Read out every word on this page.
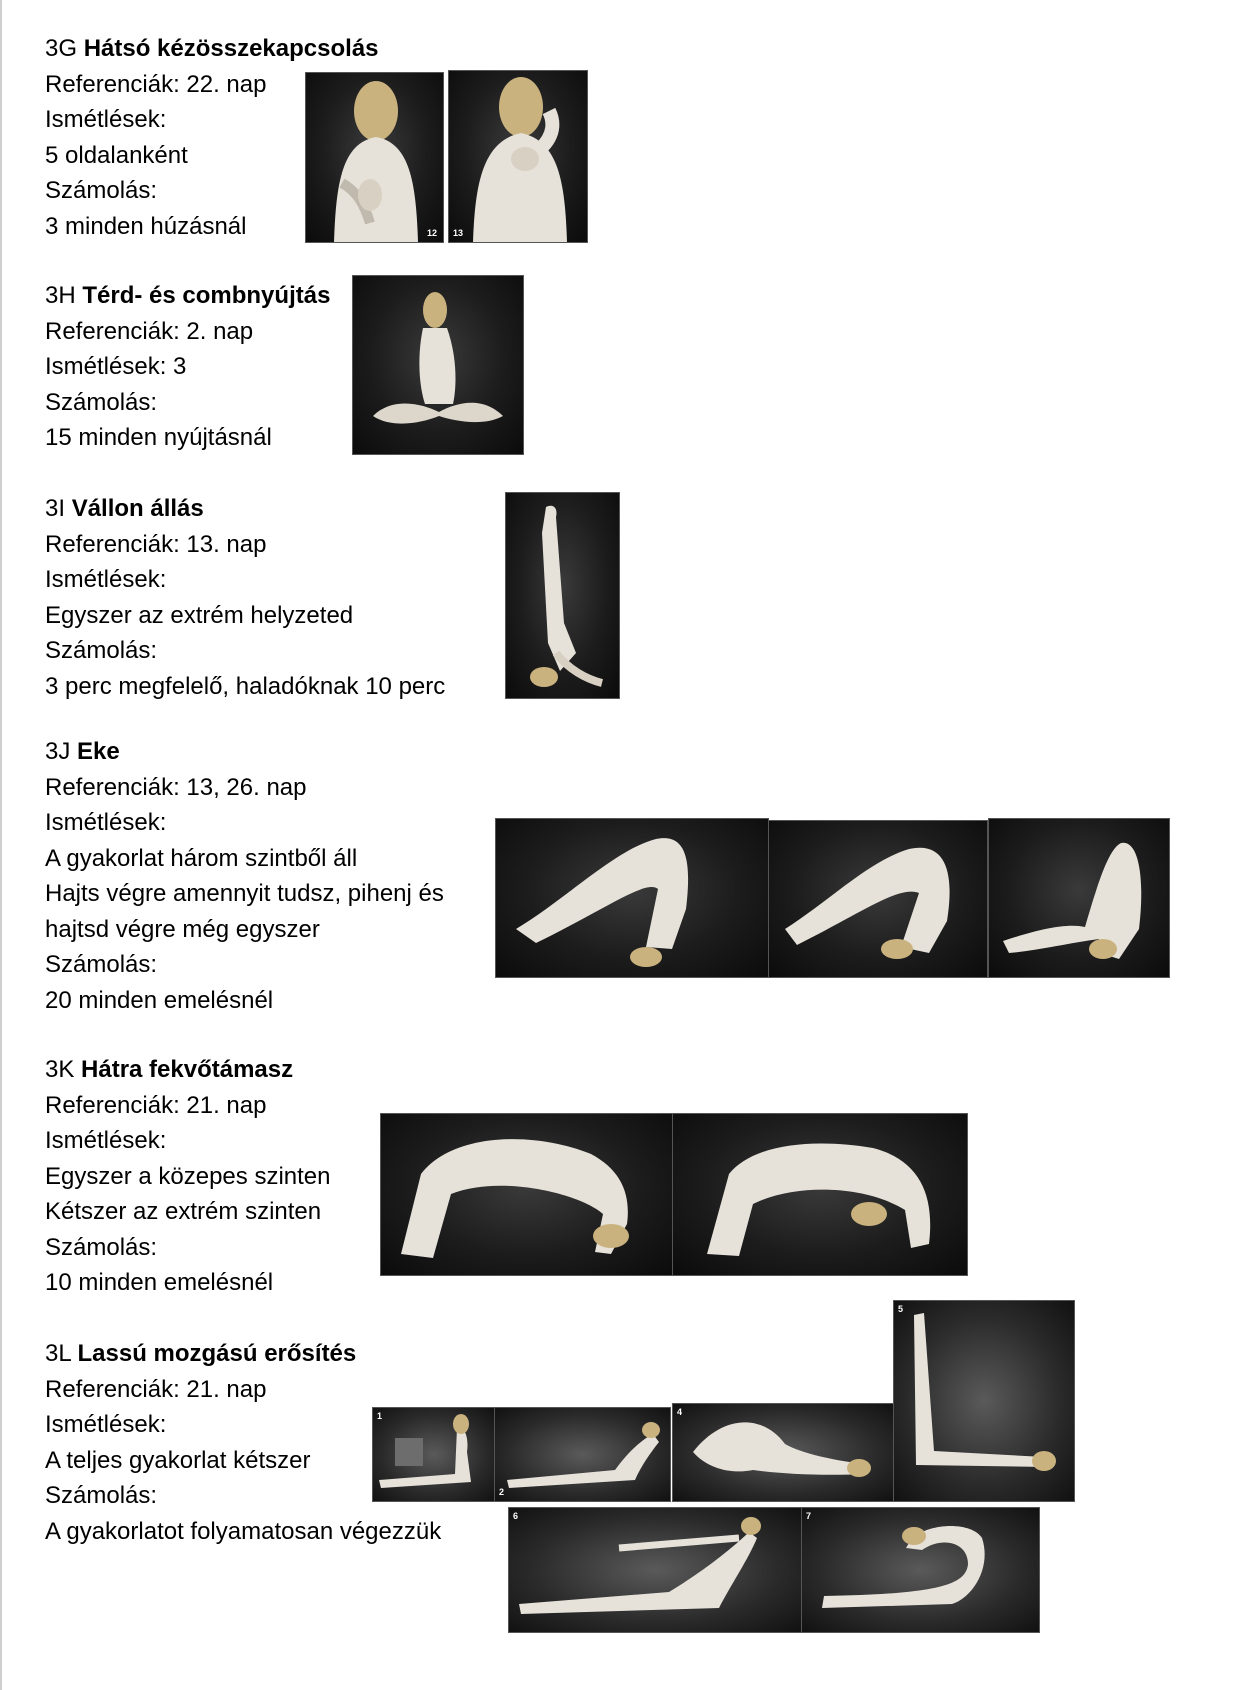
3G Hátsó kézösszekapcsolás
Referenciák: 22. nap
Ismétlések:
5 oldalanként
Számolás:
3 minden húzásnál	12 13
3H Térd- és combnyújtás
Referenciák: 2. nap
Ismétlések: 3
Számolás:
15 minden nyújtásnál
3I Vállon állás
Referenciák: 13. nap
Ismétlések:
Egyszer az extrém helyzeted
Számolás:
3 perc megfelelő, haladóknak 10 perc
3J Eke
Referenciák: 13, 26. nap
Ismétlések:
A gyakorlat három szintből áll
Hajts végre amennyit tudsz, pihenj és
hajtsd végre még egyszer
Számolás:
20 minden emelésnél
3K Hátra fekvőtámasz
Referenciák: 21. nap
Ismétlések:
Egyszer a közepes szinten
Kétszer az extrém szinten
Számolás:
10 minden emelésnél
3L Lassú mozgású erősítés
Referenciák: 21. nap
Ismétlések:
A teljes gyakorlat kétszer
Számolás:
A gyakorlatot folyamatosan végezzük
1
2
4
5
6	7
